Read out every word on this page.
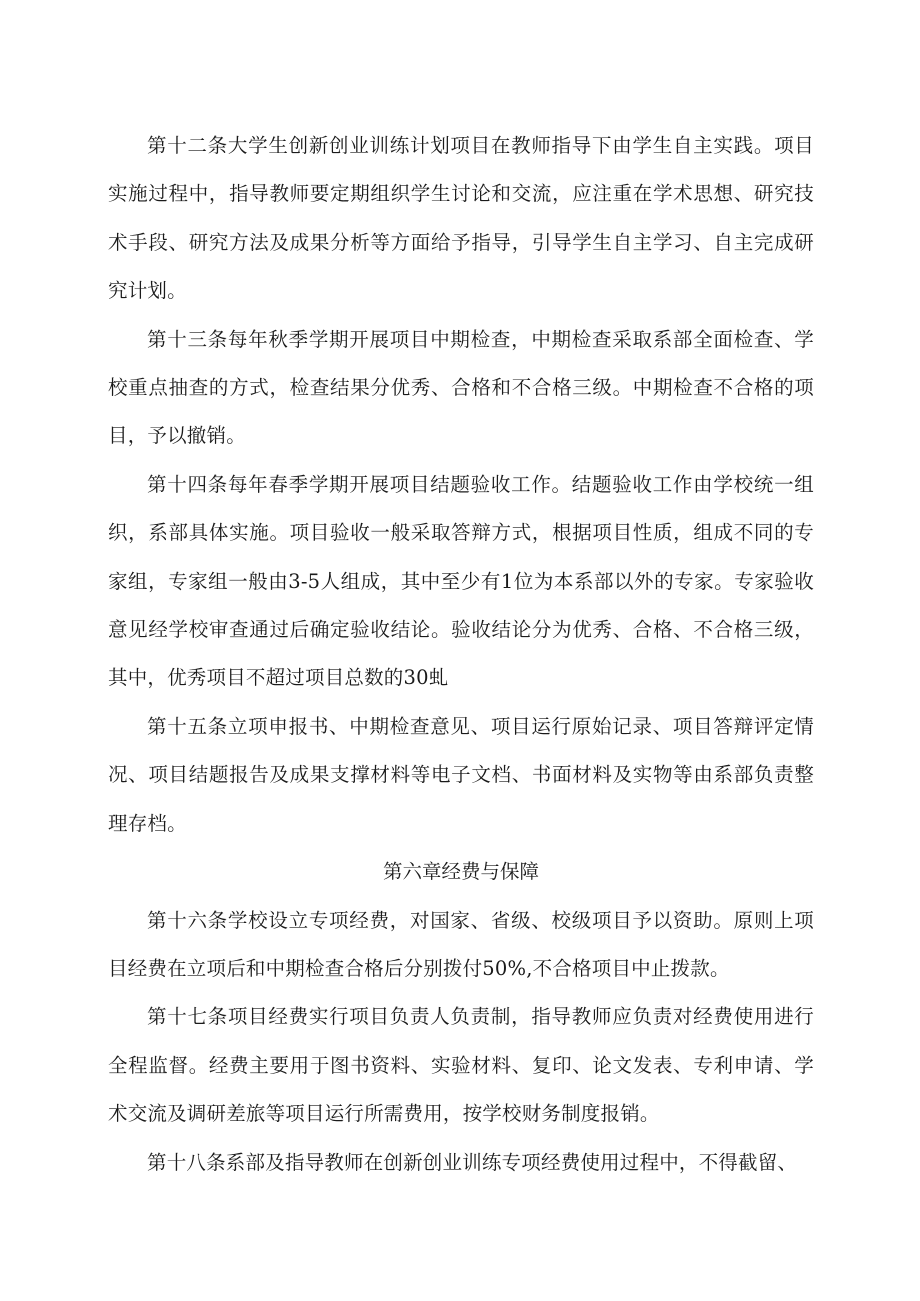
第十二条大学生创新创业训练计划项目在教师指导下由学生自主实践。项目实施过程中，指导教师要定期组织学生讨论和交流，应注重在学术思想、研究技术手段、研究方法及成果分析等方面给予指导，引导学生自主学习、自主完成研究计划。

第十三条每年秋季学期开展项目中期检查，中期检查采取系部全面检查、学校重点抽查的方式，检查结果分优秀、合格和不合格三级。中期检查不合格的项目，予以撤销。

第十四条每年春季学期开展项目结题验收工作。结题验收工作由学校统一组织，系部具体实施。项目验收一般采取答辩方式，根据项目性质，组成不同的专家组，专家组一般由3-5人组成，其中至少有1位为本系部以外的专家。专家验收意见经学校审查通过后确定验收结论。验收结论分为优秀、合格、不合格三级，其中，优秀项目不超过项目总数的30虬

第十五条立项申报书、中期检查意见、项目运行原始记录、项目答辩评定情况、项目结题报告及成果支撑材料等电子文档、书面材料及实物等由系部负责整理存档。

第六章经费与保障

第十六条学校设立专项经费，对国家、省级、校级项目予以资助。原则上项目经费在立项后和中期检查合格后分别拨付50%,不合格项目中止拨款。

第十七条项目经费实行项目负责人负责制，指导教师应负责对经费使用进行全程监督。经费主要用于图书资料、实验材料、复印、论文发表、专利申请、学术交流及调研差旅等项目运行所需费用，按学校财务制度报销。

第十八条系部及指导教师在创新创业训练专项经费使用过程中，不得截留、
